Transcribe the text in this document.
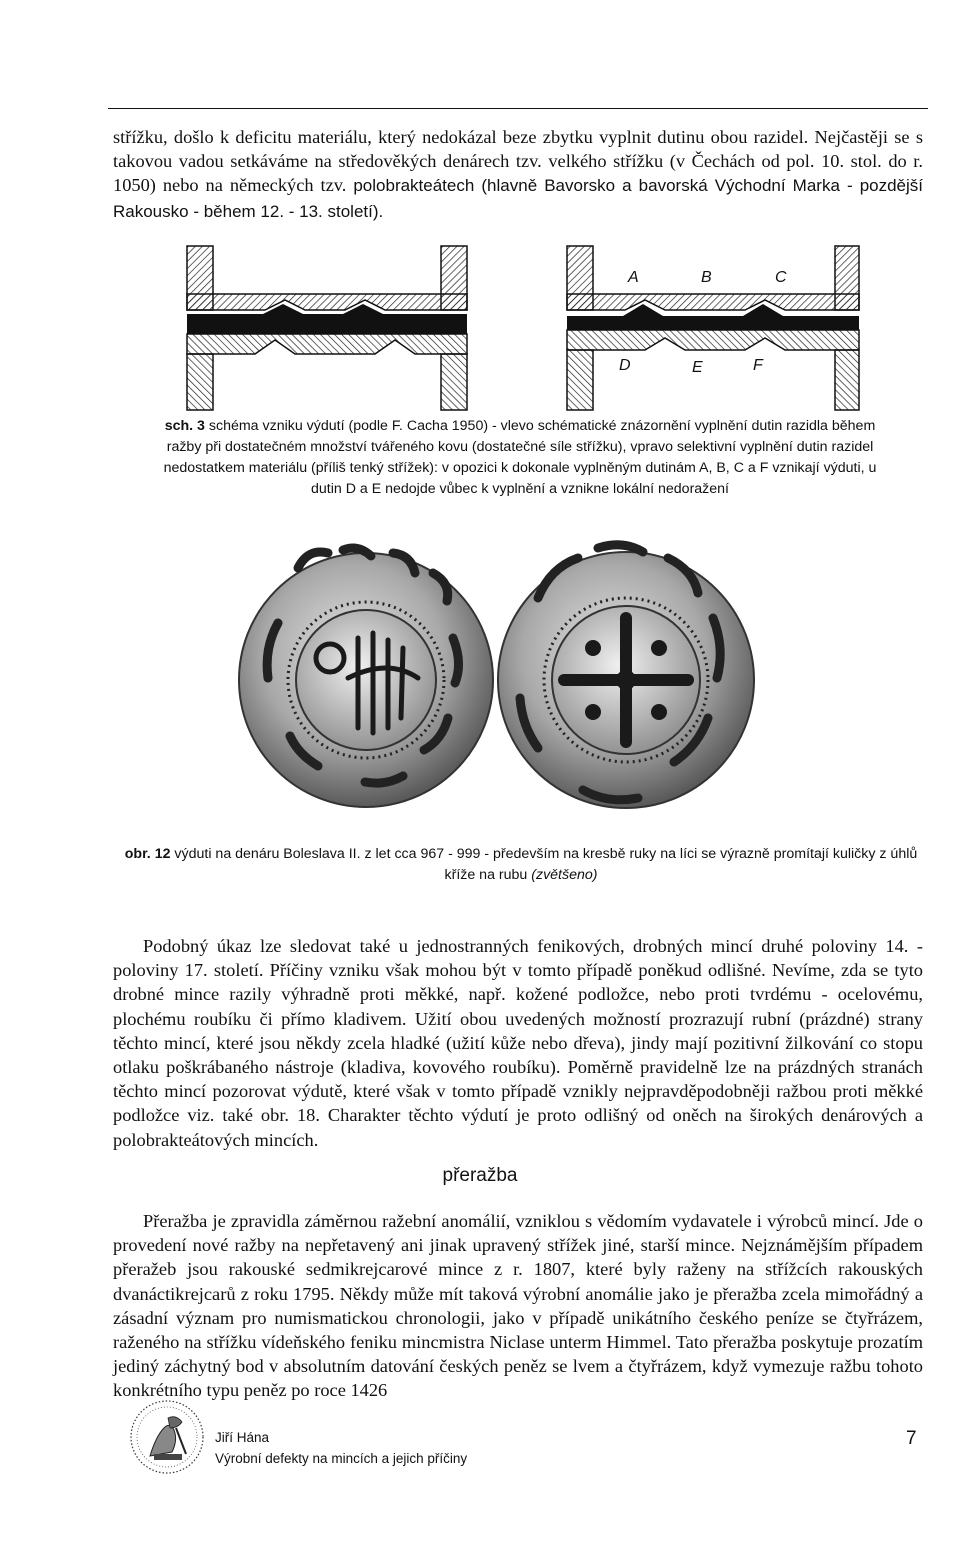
střížku, došlo k deficitu materiálu, který nedokázal beze zbytku vyplnit dutinu obou razidel. Nejčastěji se s takovou vadou setkáváme na středověkých denárech tzv. velkého střížku (v Čechách od pol. 10. stol. do r. 1050) nebo na německých tzv. polobrakteátech (hlavně Bavorsko a bavorská Východní Marka - pozdější Rakousko - během 12. - 13. století).

A	B	C
D	E	F

sch. 3 schéma vzniku výdutí (podle F. Cacha 1950) - vlevo schématické znázornění vyplnění dutin razidla během ražby při dostatečném množství tvářeného kovu (dostatečné síle střížku), vpravo selektivní vyplnění dutin razidel nedostatkem materiálu (příliš tenký střížek): v opozici k dokonale vyplněným dutinám A, B, C a F vznikají výduti, u dutin D a E nedojde vůbec k vyplnění a vznikne lokální nedoražení

obr. 12 výduti na denáru Boleslava II. z let cca 967 - 999 - především na kresbě ruky na líci se výrazně promítají kuličky z úhlů kříže na rubu (zvětšeno)

Podobný úkaz lze sledovat také u jednostranných fenikových, drobných mincí druhé poloviny 14. - poloviny 17. století. Příčiny vzniku však mohou být v tomto případě poněkud odlišné. Nevíme, zda se tyto drobné mince razily výhradně proti měkké, např. kožené podložce, nebo proti tvrdému - ocelovému, plochému roubíku či přímo kladivem. Užití obou uvedených možností prozrazují rubní (prázdné) strany těchto mincí, které jsou někdy zcela hladké (užití kůže nebo dřeva), jindy mají pozitivní žilkování co stopu otlaku poškrábaného nástroje (kladiva, kovového roubíku). Poměrně pravidelně lze na prázdných stranách těchto mincí pozorovat výdutě, které však v tomto případě vznikly nejpravděpodobněji ražbou proti měkké podložce viz. také obr. 18. Charakter těchto výdutí je proto odlišný od oněch na širokých denárových a polobrakteátových mincích.

přeražba

Přeražba je zpravidla záměrnou ražební anomálií, vzniklou s vědomím vydavatele i výrobců mincí. Jde o provedení nové ražby na nepřetavený ani jinak upravený střížek jiné, starší mince. Nejznámějším případem přeražeb jsou rakouské sedmikrejcarové mince z r. 1807, které byly raženy na střížcích rakouských dvanáctikrejcarů z roku 1795. Někdy může mít taková výrobní anomálie jako je přeražba zcela mimořádný a zásadní význam pro numismatickou chronologii, jako v případě unikátního českého peníze se čtyřrázem, raženého na střížku vídeňského feniku mincmistra Niclase unterm Himmel. Tato přeražba poskytuje prozatím jediný záchytný bod v absolutním datování českých peněz se lvem a čtyřrázem, když vymezuje ražbu tohoto konkrétního typu peněz po roce 1426

Jiří Hána

Výrobní defekty na mincích a jejich příčiny

7
